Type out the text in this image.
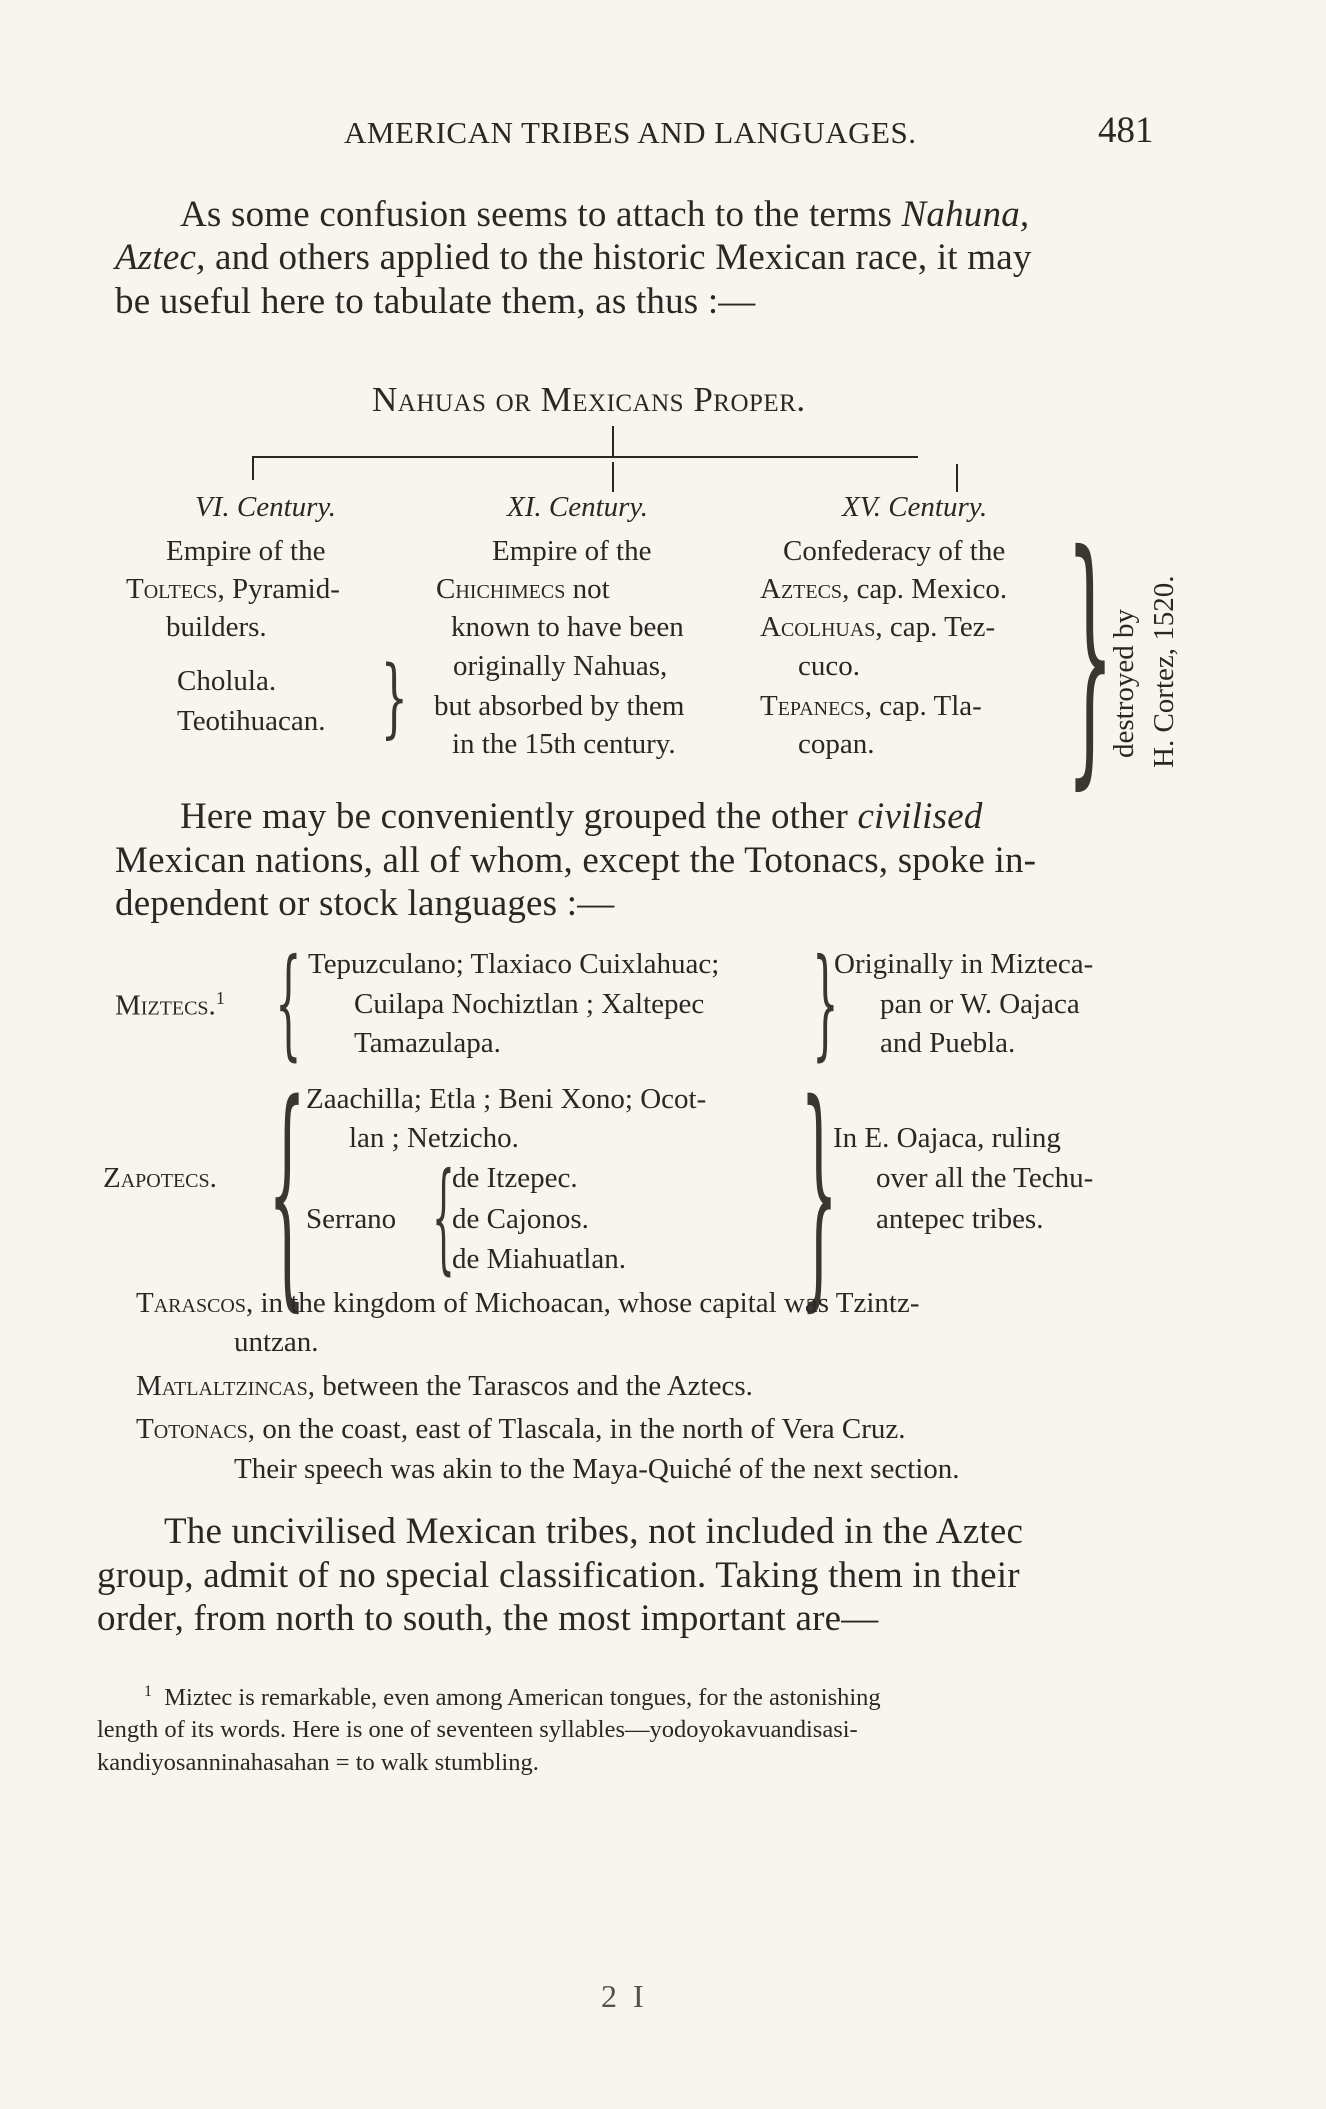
AMERICAN TRIBES AND LANGUAGES.	481
As some confusion seems to attach to the terms Nahuna,
Aztec, and others applied to the historic Mexican race, it may
be useful here to tabulate them, as thus :—
Nahuas or Mexicans Proper.
VI. Century.
Empire of the
Toltecs, Pyramid-
builders.
Cholula.
Teotihuacan. }
XI. Century.
Empire of the
Chichimecs not
known to have been
originally Nahuas,
but absorbed by them
in the 15th century.
XV. Century.
Confederacy of the
Aztecs, cap. Mexico.
Acolhuas, cap. Tez-
cuco.
Tepanecs, cap. Tla-
copan. }
destroyed by H. Cortez, 1520.
Here may be conveniently grouped the other civilised
Mexican nations, all of whom, except the Totonacs, spoke in-
dependent or stock languages :—
Miztecs.$^1$ { Tepuzculano; Tlaxiaco Cuixlahuac;
Cuilapa Nochiztlan ; Xaltepec
Tamazulapa.	}
Originally in Mizteca-
pan or W. Oajaca
and Puebla.
Zapotecs. { Zaachilla; Etla ; Beni Xono; Ocot-
lan ; Netzicho.
Serrano {
de Itzepec.
de Cajonos.
de Miahuatlan. }
In E. Oajaca, ruling
over all the Techu-
antepec tribes.
Tarascos, in the kingdom of Michoacan, whose capital was Tzintz-
untzan.
Matlaltzincas, between the Tarascos and the Aztecs.
Totonacs, on the coast, east of Tlascala, in the north of Vera Cruz.
Their speech was akin to the Maya-Quiché of the next section.
The uncivilised Mexican tribes, not included in the Aztec
group, admit of no special classification. Taking them in their
order, from north to south, the most important are—
$^1$ Miztec is remarkable, even among American tongues, for the astonishing
length of its words. Here is one of seventeen syllables—yodoyokavuandisasi-
kandiyosanninahasahan = to walk stumbling.
2 I
